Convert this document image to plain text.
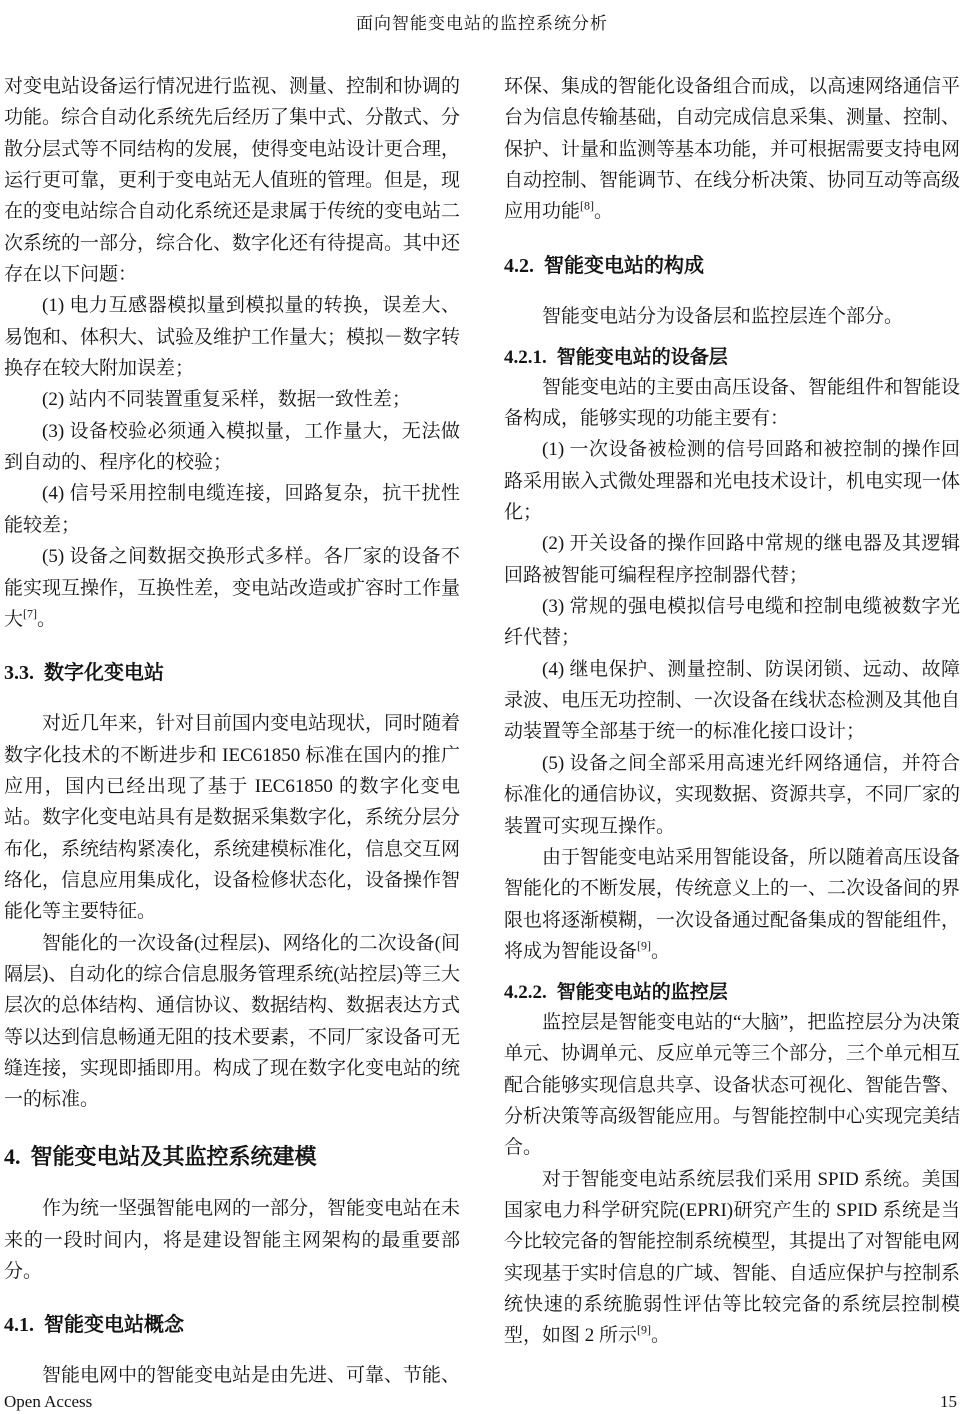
面向智能变电站的监控系统分析
对变电站设备运行情况进行监视、测量、控制和协调的功能。综合自动化系统先后经历了集中式、分散式、分散分层式等不同结构的发展，使得变电站设计更合理，运行更可靠，更利于变电站无人值班的管理。但是，现在的变电站综合自动化系统还是隶属于传统的变电站二次系统的一部分，综合化、数字化还有待提高。其中还存在以下问题：
(1) 电力互感器模拟量到模拟量的转换，误差大、易饱和、体积大、试验及维护工作量大；模拟－数字转换存在较大附加误差；
(2) 站内不同装置重复采样，数据一致性差；
(3) 设备校验必须通入模拟量，工作量大，无法做到自动的、程序化的校验；
(4) 信号采用控制电缆连接，回路复杂，抗干扰性能较差；
(5) 设备之间数据交换形式多样。各厂家的设备不能实现互操作，互换性差，变电站改造或扩容时工作量大[7]。
3.3. 数字化变电站
对近几年来，针对目前国内变电站现状，同时随着数字化技术的不断进步和 IEC61850 标准在国内的推广应用，国内已经出现了基于 IEC61850 的数字化变电站。数字化变电站具有是数据采集数字化，系统分层分布化，系统结构紧凑化，系统建模标准化，信息交互网络化，信息应用集成化，设备检修状态化，设备操作智能化等主要特征。
智能化的一次设备(过程层)、网络化的二次设备(间隔层)、自动化的综合信息服务管理系统(站控层)等三大层次的总体结构、通信协议、数据结构、数据表达方式等以达到信息畅通无阻的技术要素，不同厂家设备可无缝连接，实现即插即用。构成了现在数字化变电站的统一的标准。
4. 智能变电站及其监控系统建模
作为统一坚强智能电网的一部分，智能变电站在未来的一段时间内，将是建设智能主网架构的最重要部分。
4.1. 智能变电站概念
智能电网中的智能变电站是由先进、可靠、节能、
环保、集成的智能化设备组合而成，以高速网络通信平台为信息传输基础，自动完成信息采集、测量、控制、保护、计量和监测等基本功能，并可根据需要支持电网自动控制、智能调节、在线分析决策、协同互动等高级应用功能[8]。
4.2. 智能变电站的构成
智能变电站分为设备层和监控层连个部分。
4.2.1. 智能变电站的设备层
智能变电站的主要由高压设备、智能组件和智能设备构成，能够实现的功能主要有：
(1) 一次设备被检测的信号回路和被控制的操作回路采用嵌入式微处理器和光电技术设计，机电实现一体化；
(2) 开关设备的操作回路中常规的继电器及其逻辑回路被智能可编程程序控制器代替；
(3) 常规的强电模拟信号电缆和控制电缆被数字光纤代替；
(4) 继电保护、测量控制、防误闭锁、远动、故障录波、电压无功控制、一次设备在线状态检测及其他自动装置等全部基于统一的标准化接口设计；
(5) 设备之间全部采用高速光纤网络通信，并符合标准化的通信协议，实现数据、资源共享，不同厂家的装置可实现互操作。
由于智能变电站采用智能设备，所以随着高压设备智能化的不断发展，传统意义上的一、二次设备间的界限也将逐渐模糊，一次设备通过配备集成的智能组件，将成为智能设备[9]。
4.2.2. 智能变电站的监控层
监控层是智能变电站的“大脑”，把监控层分为决策单元、协调单元、反应单元等三个部分，三个单元相互配合能够实现信息共享、设备状态可视化、智能告警、分析决策等高级智能应用。与智能控制中心实现完美结合。
对于智能变电站系统层我们采用 SPID 系统。美国国家电力科学研究院(EPRI)研究产生的 SPID 系统是当今比较完备的智能控制系统模型，其提出了对智能电网实现基于实时信息的广域、智能、自适应保护与控制系统快速的系统脆弱性评估等比较完备的系统层控制模型，如图 2 所示[9]。
Open Access	15
